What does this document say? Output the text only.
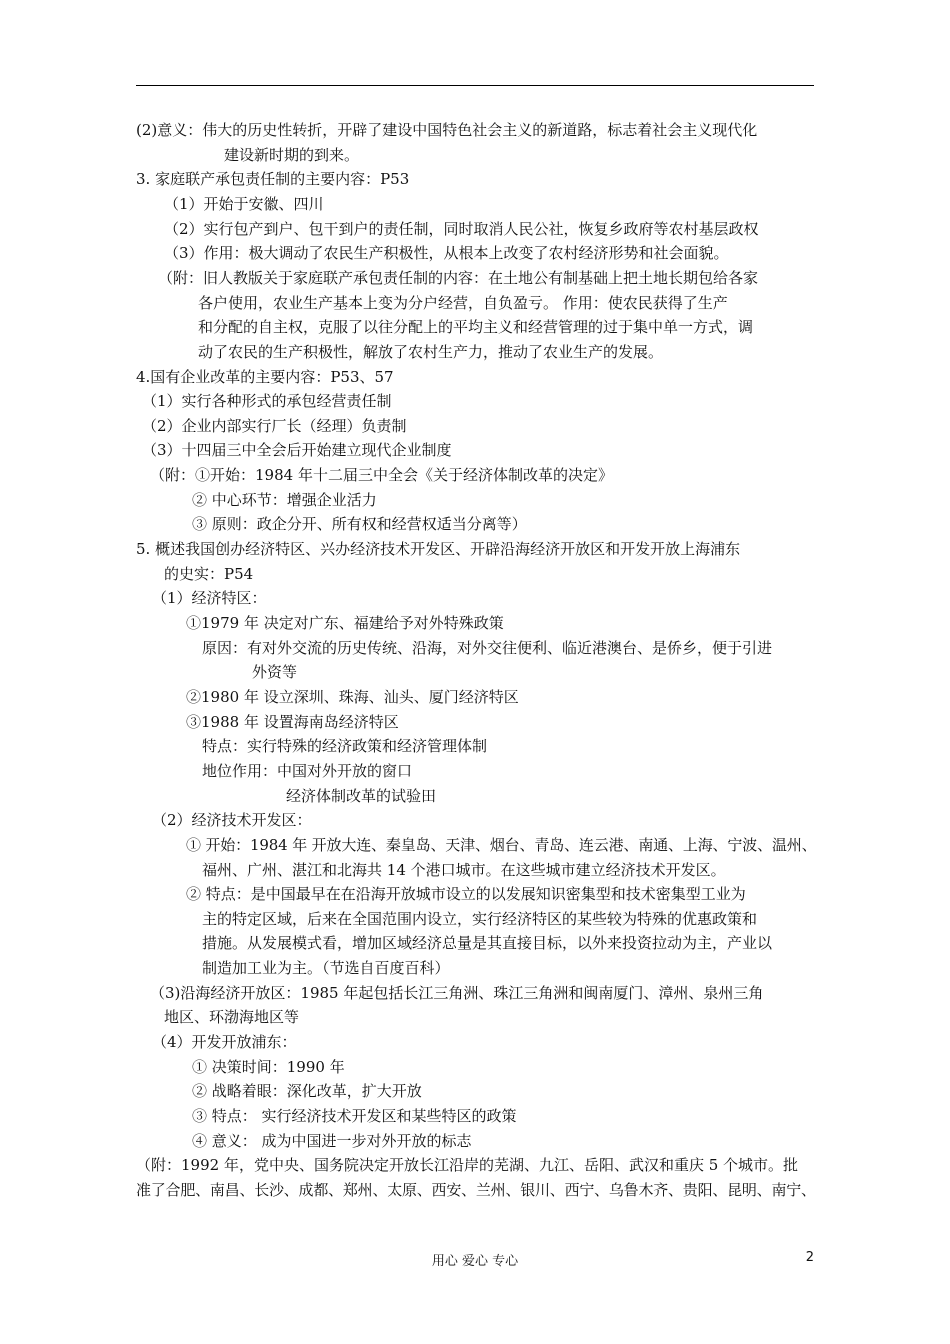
(2)意义：伟大的历史性转折，开辟了建设中国特色社会主义的新道路，标志着社会主义现代化
建设新时期的到来。
3. 家庭联产承包责任制的主要内容：P53
（1）开始于安徽、四川
（2）实行包产到户、包干到户的责任制，同时取消人民公社，恢复乡政府等农村基层政权
（3）作用：极大调动了农民生产积极性，从根本上改变了农村经济形势和社会面貌。
（附：旧人教版关于家庭联产承包责任制的内容：在土地公有制基础上把土地长期包给各家
各户使用，农业生产基本上变为分户经营，自负盈亏。 作用：使农民获得了生产
和分配的自主权，克服了以往分配上的平均主义和经营管理的过于集中单一方式，调
动了农民的生产积极性，解放了农村生产力，推动了农业生产的发展。
4.国有企业改革的主要内容：P53、57
（1）实行各种形式的承包经营责任制
（2）企业内部实行厂长（经理）负责制
（3）十四届三中全会后开始建立现代企业制度
（附：①开始：1984 年十二届三中全会《关于经济体制改革的决定》
② 中心环节：增强企业活力
③ 原则：政企分开、所有权和经营权适当分离等）
5. 概述我国创办经济特区、兴办经济技术开发区、开辟沿海经济开放区和开发开放上海浦东
的史实：P54
（1）经济特区：
①1979 年 决定对广东、福建给予对外特殊政策
原因：有对外交流的历史传统、沿海，对外交往便利、临近港澳台、是侨乡，便于引进
外资等
②1980 年 设立深圳、珠海、汕头、厦门经济特区
③1988 年 设置海南岛经济特区
特点：实行特殊的经济政策和经济管理体制
地位作用：中国对外开放的窗口
经济体制改革的试验田
（2）经济技术开发区：
① 开始：1984 年 开放大连、秦皇岛、天津、烟台、青岛、连云港、南通、上海、宁波、温州、
福州、广州、湛江和北海共 14 个港口城市。在这些城市建立经济技术开发区。
② 特点：是中国最早在在沿海开放城市设立的以发展知识密集型和技术密集型工业为
主的特定区域，后来在全国范围内设立，实行经济特区的某些较为特殊的优惠政策和
措施。从发展模式看，增加区域经济总量是其直接目标，以外来投资拉动为主，产业以
制造加工业为主。（节选自百度百科）
（3)沿海经济开放区：1985 年起包括长江三角洲、珠江三角洲和闽南厦门、漳州、泉州三角
地区、环渤海地区等
（4）开发开放浦东：
① 决策时间：1990 年
② 战略着眼：深化改革，扩大开放
③ 特点： 实行经济技术开发区和某些特区的政策
④ 意义： 成为中国进一步对外开放的标志
（附：1992 年，党中央、国务院决定开放长江沿岸的芜湖、九江、岳阳、武汉和重庆 5 个城市。批
准了合肥、南昌、长沙、成都、郑州、太原、西安、兰州、银川、西宁、乌鲁木齐、贵阳、昆明、南宁、
用心 爱心 专心	2
